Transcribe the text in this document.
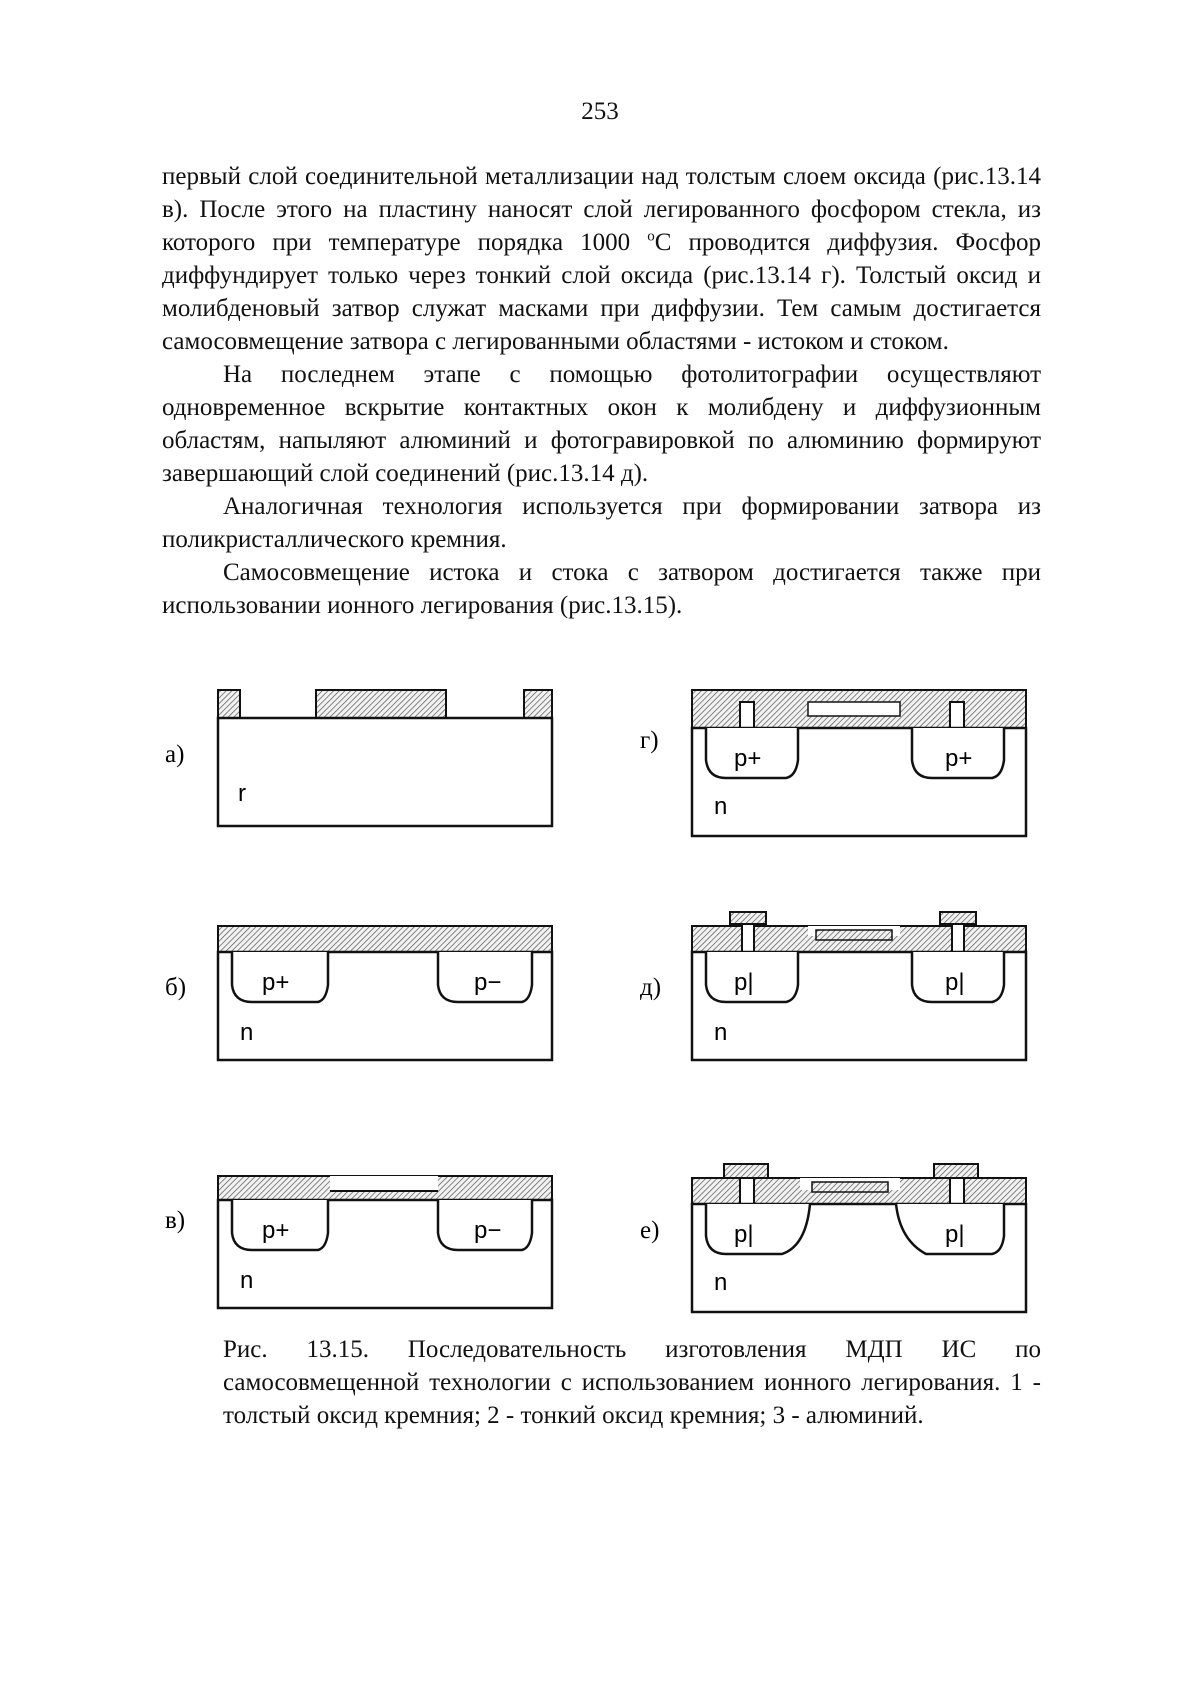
253

первый слой соединительной металлизации над толстым слоем оксида (рис.13.14 в). После этого на пластину наносят слой легированного фосфором стекла, из которого при температуре порядка 1000 $^о$С проводится диффузия. Фосфор диффундирует только через тонкий слой оксида (рис.13.14 г). Толстый оксид и молибденовый затвор служат масками при диффузии. Тем самым достигается самосовмещение затвора с легированными областями - истоком и стоком.

На последнем этапе с помощью фотолитографии осуществляют одновременное вскрытие контактных окон к молибдену и диффузионным областям, напыляют алюминий и фотогравировкой по алюминию формируют завершающий слой соединений (рис.13.14 д).

Аналогичная технология используется при формировании затвора из поликристаллического кремния.

Самосовмещение истока и стока с затвором достигается также при использовании ионного легирования (рис.13.15).

а)
r
б)	p+	p−
n
в)	p+	p−
n
г)
p+	p+
n
д)	p|	p|
n
е)	p|	p|
n
Рис. 13.15. Последовательность изготовления МДП ИС по самосовмещенной технологии с использованием ионного легирования. 1 - толстый оксид кремния; 2 - тонкий оксид кремния; 3 - алюминий.
